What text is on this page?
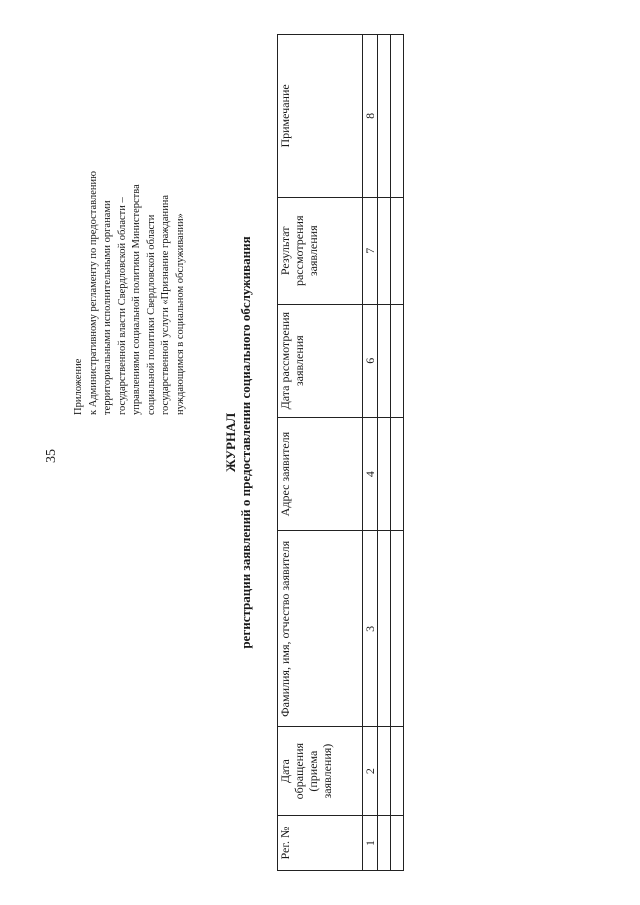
35
Приложение к Административному регламенту по предоставлению территориальными исполнительными органами государственной власти Свердловской области – управлениями социальной политики Министерства социальной политики Свердловской области государственной услуги «Признание гражданина нуждающимся в социальном обслуживании»
ЖУРНАЛ регистрации заявлений о предоставлении социального обслуживания
Рег. №	Дата обращения (приема заявления)	Фамилия, имя, отчество заявителя	Адрес заявителя	Дата рассмотрения заявления	Результат рассмотрения заявления	Примечание
1	2	3	4	6	7	8
